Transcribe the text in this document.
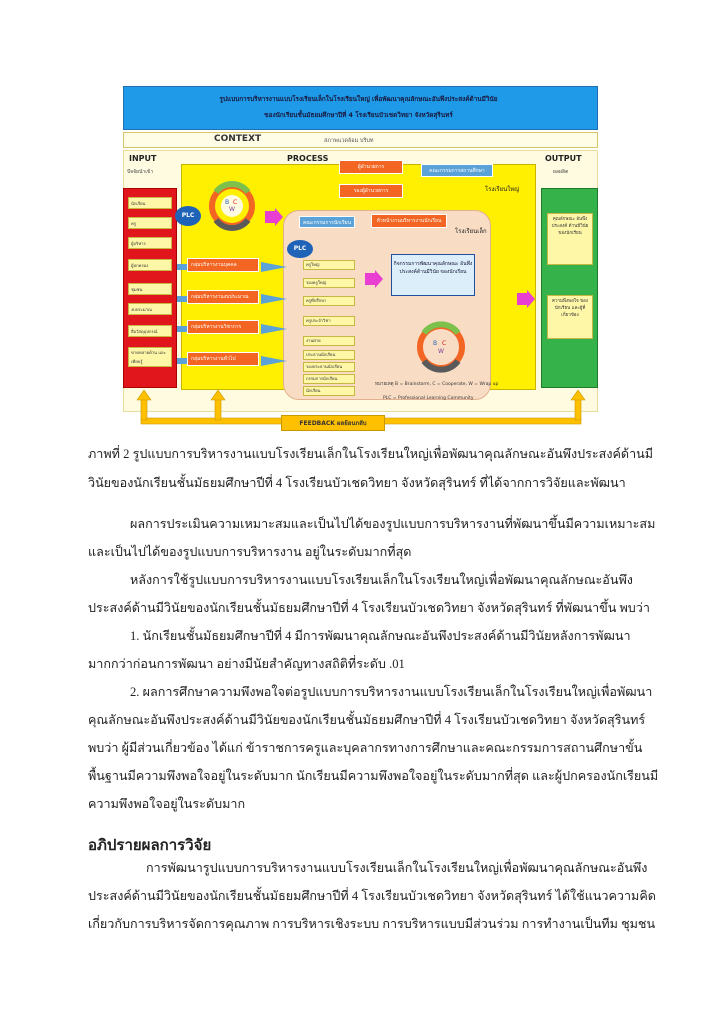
รูปแบบการบริหารงานแบบโรงเรียนเล็กในโรงเรียนใหญ่ เพื่อพัฒนาคุณลักษณะอันพึงประสงค์ด้านมีวินัย
ของนักเรียนชั้นมัธยมศึกษาปีที่ 4 โรงเรียนบัวเชดวิทยา จังหวัดสุรินทร์
CONTEXT	สภาพแวดล้อม บริบท
INPUT
ปัจจัยนำเข้า
นักเรียน
ครู
ผู้บริหาร
ผู้ปกครอง
ชุมชน
งบประมาณ
สื่อวัสดุอุปกรณ์
ขาดหลายด้าน และเทียบรู้
PROCESS	OUTPUT
ผลผลิต
คุณลักษณะ อันพึงประสงค์ ด้านมีวินัย ของนักเรียน
ความพึงพอใจ ของนักเรียน และผู้ที่เกี่ยวข้อง
ผู้อำนวยการ
รองผู้อำนวยการ
คณะกรรมการสถานศึกษา
โรงเรียนใหญ่
PLC
B C
W
โรงเรียนเล็ก
คณะกรรมการนักเรียน	หัวหน้างานบริหารงานนักเรียน
PLC
กลุ่มบริหารงานบุคคล
กลุ่มบริหารงานงบประมาณ
กลุ่มบริหารงานวิชาการ
กลุ่มบริหารงานทั่วไป
ครูใหญ่
รองครูใหญ่
ครูที่ปรึกษา
ครูประจำวิชา
งานฝ่าย
ประธานนักเรียน
รองประธานนักเรียน
กรรมการนักเรียน
นักเรียน
กิจกรรมการพัฒนาคุณลักษณะ อันพึงประสงค์ด้านมีวินัย ของนักเรียน
B C
W
หมายเหตุ B = Brainstorm, C = Cooperate, W = Wrap up
PLC = Professional Learning Community
FEEDBACK ผลย้อนกลับ
ภาพที่ 2 รูปแบบการบริหารงานแบบโรงเรียนเล็กในโรงเรียนใหญ่เพื่อพัฒนาคุณลักษณะอันพึงประสงค์ด้านมี
วินัยของนักเรียนชั้นมัธยมศึกษาปีที่ 4 โรงเรียนบัวเชดวิทยา จังหวัดสุรินทร์ ที่ได้จากการวิจัยและพัฒนา
ผลการประเมินความเหมาะสมและเป็นไปได้ของรูปแบบการบริหารงานที่พัฒนาขึ้นมีความเหมาะสม
และเป็นไปได้ของรูปแบบการบริหารงาน อยู่ในระดับมากที่สุด
หลังการใช้รูปแบบการบริหารงานแบบโรงเรียนเล็กในโรงเรียนใหญ่เพื่อพัฒนาคุณลักษณะอันพึง
ประสงค์ด้านมีวินัยของนักเรียนชั้นมัธยมศึกษาปีที่ 4 โรงเรียนบัวเชดวิทยา จังหวัดสุรินทร์ ที่พัฒนาขึ้น พบว่า
1. นักเรียนชั้นมัธยมศึกษาปีที่ 4 มีการพัฒนาคุณลักษณะอันพึงประสงค์ด้านมีวินัยหลังการพัฒนา
มากกว่าก่อนการพัฒนา อย่างมีนัยสำคัญทางสถิติที่ระดับ .01
2. ผลการศึกษาความพึงพอใจต่อรูปแบบการบริหารงานแบบโรงเรียนเล็กในโรงเรียนใหญ่เพื่อพัฒนา
คุณลักษณะอันพึงประสงค์ด้านมีวินัยของนักเรียนชั้นมัธยมศึกษาปีที่ 4 โรงเรียนบัวเชดวิทยา จังหวัดสุรินทร์
พบว่า ผู้มีส่วนเกี่ยวข้อง ได้แก่ ข้าราชการครูและบุคลากรทางการศึกษาและคณะกรรมการสถานศึกษาขั้น
พื้นฐานมีความพึงพอใจอยู่ในระดับมาก นักเรียนมีความพึงพอใจอยู่ในระดับมากที่สุด และผู้ปกครองนักเรียนมี
ความพึงพอใจอยู่ในระดับมาก
อภิปรายผลการวิจัย
การพัฒนารูปแบบการบริหารงานแบบโรงเรียนเล็กในโรงเรียนใหญ่เพื่อพัฒนาคุณลักษณะอันพึง
ประสงค์ด้านมีวินัยของนักเรียนชั้นมัธยมศึกษาปีที่ 4 โรงเรียนบัวเชดวิทยา จังหวัดสุรินทร์ ได้ใช้แนวความคิด
เกี่ยวกับการบริหารจัดการคุณภาพ การบริหารเชิงระบบ การบริหารแบบมีส่วนร่วม การทำงานเป็นทีม ชุมชน
